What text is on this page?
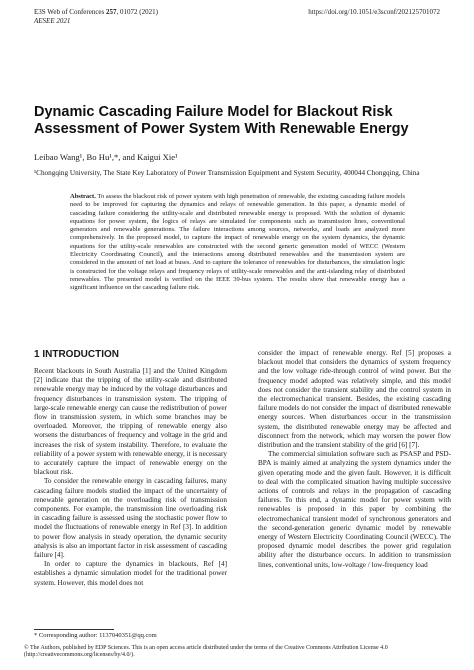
E3S Web of Conferences 257, 01072 (2021)
AESEE 2021
https://doi.org/10.1051/e3sconf/202125701072
Dynamic Cascading Failure Model for Blackout Risk Assessment of Power System With Renewable Energy
Leibao Wang¹, Bo Hu¹,*, and Kaigui Xie¹
¹Chongqing University, The State Key Laboratory of Power Transmission Equipment and System Security, 400044 Chongqing, China
Abstract. To assess the blackout risk of power system with high penetration of renewable, the existing cascading failure models need to be improved for capturing the dynamics and relays of renewable generation. In this paper, a dynamic model of cascading failure considering the utility-scale and distributed renewable energy is proposed. With the solution of dynamic equations for power system, the logics of relays are simulated for components such as transmission lines, conventional generators and renewable generations. The failure interactions among sources, networks, and loads are analyzed more comprehensively. In the proposed model, to capture the impact of renewable energy on the system dynamics, the dynamic equations for the utility-scale renewables are constructed with the second generic generation model of WECC (Western Electricity Coordinating Council), and the interactions among distributed renewables and the transmission system are considered in the amount of net load at buses. And to capture the tolerance of renewables for disturbances, the simulation logic is constructed for the voltage relays and frequency relays of utility-scale renewables and the anti-islanding relay of distributed renewables. The presented model is verified on the IEEE 39-bus system. The results show that renewable energy has a significant influence on the cascading failure risk.
1 INTRODUCTION

Recent blackouts in South Australia [1] and the United Kingdom [2] indicate that the tripping of the utility-scale and distributed renewable energy may be induced by the voltage disturbances and frequency disturbances in transmission system. The tripping of large-scale renewable energy can cause the redistribution of power flow in transmission system, in which some branches may be overloaded. Moreover, the tripping of renewable energy also worsens the disturbances of frequency and voltage in the grid and increases the risk of system instability. Therefore, to evaluate the reliability of a power system with renewable energy, it is necessary to accurately capture the impact of renewable energy on the blackout risk.

To consider the renewable energy in cascading failures, many cascading failure models studied the impact of the uncertainty of renewable generation on the overloading risk of transmission components. For example, the transmission line overloading risk in cascading failure is assessed using the stochastic power flow to model the fluctuations of renewable energy in Ref [3]. In addition to power flow analysis in steady operation, the dynamic security analysis is also an important factor in risk assessment of cascading failure [4].

In order to capture the dynamics in blackouts, Ref [4] establishes a dynamic simulation model for the traditional power system. However, this model does not

consider the impact of renewable energy. Ref [5] proposes a blackout model that considers the dynamics of system frequency and the low voltage ride-through control of wind power. But the frequency model adopted was relatively simple, and this model does not consider the transient stability and the control system in the electromechanical transient. Besides, the existing cascading failure models do not consider the impact of distributed renewable energy sources. When disturbances occur in the transmission system, the distributed renewable energy may be affected and disconnect from the network, which may worsen the power flow distribution and the transient stability of the grid [6] [7].

The commercial simulation software such as PSASP and PSD-BPA is mainly aimed at analyzing the system dynamics under the given operating mode and the given fault. However, it is difficult to deal with the complicated situation having multiple successive actions of controls and relays in the propagation of cascading failures. To this end, a dynamic model for power system with renewables is proposed in this paper by combining the electromechanical transient model of synchronous generators and the second-generation generic dynamic model by renewable energy of Western Electricity Coordinating Council (WECC). The proposed dynamic model describes the power grid regulation ability after the disturbance occurs. In addition to transmission lines, conventional units, low-voltage / low-frequency load

* Corresponding author: 1137040351@qq.com
© The Authors, published by EDP Sciences. This is an open access article distributed under the terms of the Creative Commons Attribution License 4.0 (http://creativecommons.org/licenses/by/4.0/).
